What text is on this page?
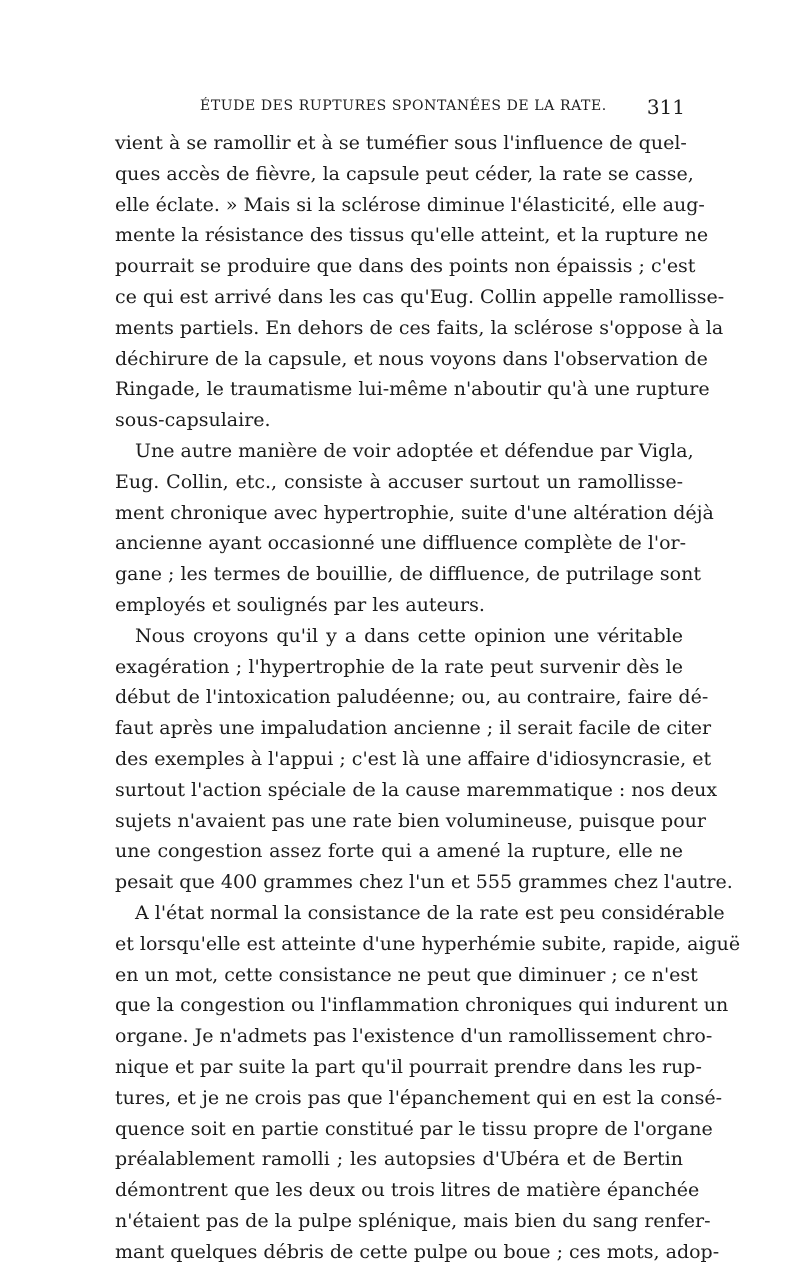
ÉTUDE DES RUPTURES SPONTANÉES DE LA RATE. 311
vient à se ramollir et à se tuméfier sous l'influence de quel-
ques accès de fièvre, la capsule peut céder, la rate se casse,
elle éclate. » Mais si la sclérose diminue l'élasticité, elle aug-
mente la résistance des tissus qu'elle atteint, et la rupture ne
pourrait se produire que dans des points non épaissis ; c'est
ce qui est arrivé dans les cas qu'Eug. Collin appelle ramollisse-
ments partiels. En dehors de ces faits, la sclérose s'oppose à la
déchirure de la capsule, et nous voyons dans l'observation de
Ringade, le traumatisme lui-même n'aboutir qu'à une rupture
sous-capsulaire.
Une autre manière de voir adoptée et défendue par Vigla,
Eug. Collin, etc., consiste à accuser surtout un ramollisse-
ment chronique avec hypertrophie, suite d'une altération déjà
ancienne ayant occasionné une diffluence complète de l'or-
gane ; les termes de bouillie, de diffluence, de putrilage sont
employés et soulignés par les auteurs.
Nous croyons qu'il y a dans cette opinion une véritable
exagération ; l'hypertrophie de la rate peut survenir dès le
début de l'intoxication paludéenne; ou, au contraire, faire dé-
faut après une impaludation ancienne ; il serait facile de citer
des exemples à l'appui ; c'est là une affaire d'idiosyncrasie, et
surtout l'action spéciale de la cause maremmatique : nos deux
sujets n'avaient pas une rate bien volumineuse, puisque pour
une congestion assez forte qui a amené la rupture, elle ne
pesait que 400 grammes chez l'un et 555 grammes chez l'autre.
A l'état normal la consistance de la rate est peu considérable
et lorsqu'elle est atteinte d'une hyperhémie subite, rapide, aiguë
en un mot, cette consistance ne peut que diminuer ; ce n'est
que la congestion ou l'inflammation chroniques qui indurent un
organe. Je n'admets pas l'existence d'un ramollissement chro-
nique et par suite la part qu'il pourrait prendre dans les rup-
tures, et je ne crois pas que l'épanchement qui en est la consé-
quence soit en partie constitué par le tissu propre de l'organe
préalablement ramolli ; les autopsies d'Ubéra et de Bertin
démontrent que les deux ou trois litres de matière épanchée
n'étaient pas de la pulpe splénique, mais bien du sang renfer-
mant quelques débris de cette pulpe ou boue ; ces mots, adop-
